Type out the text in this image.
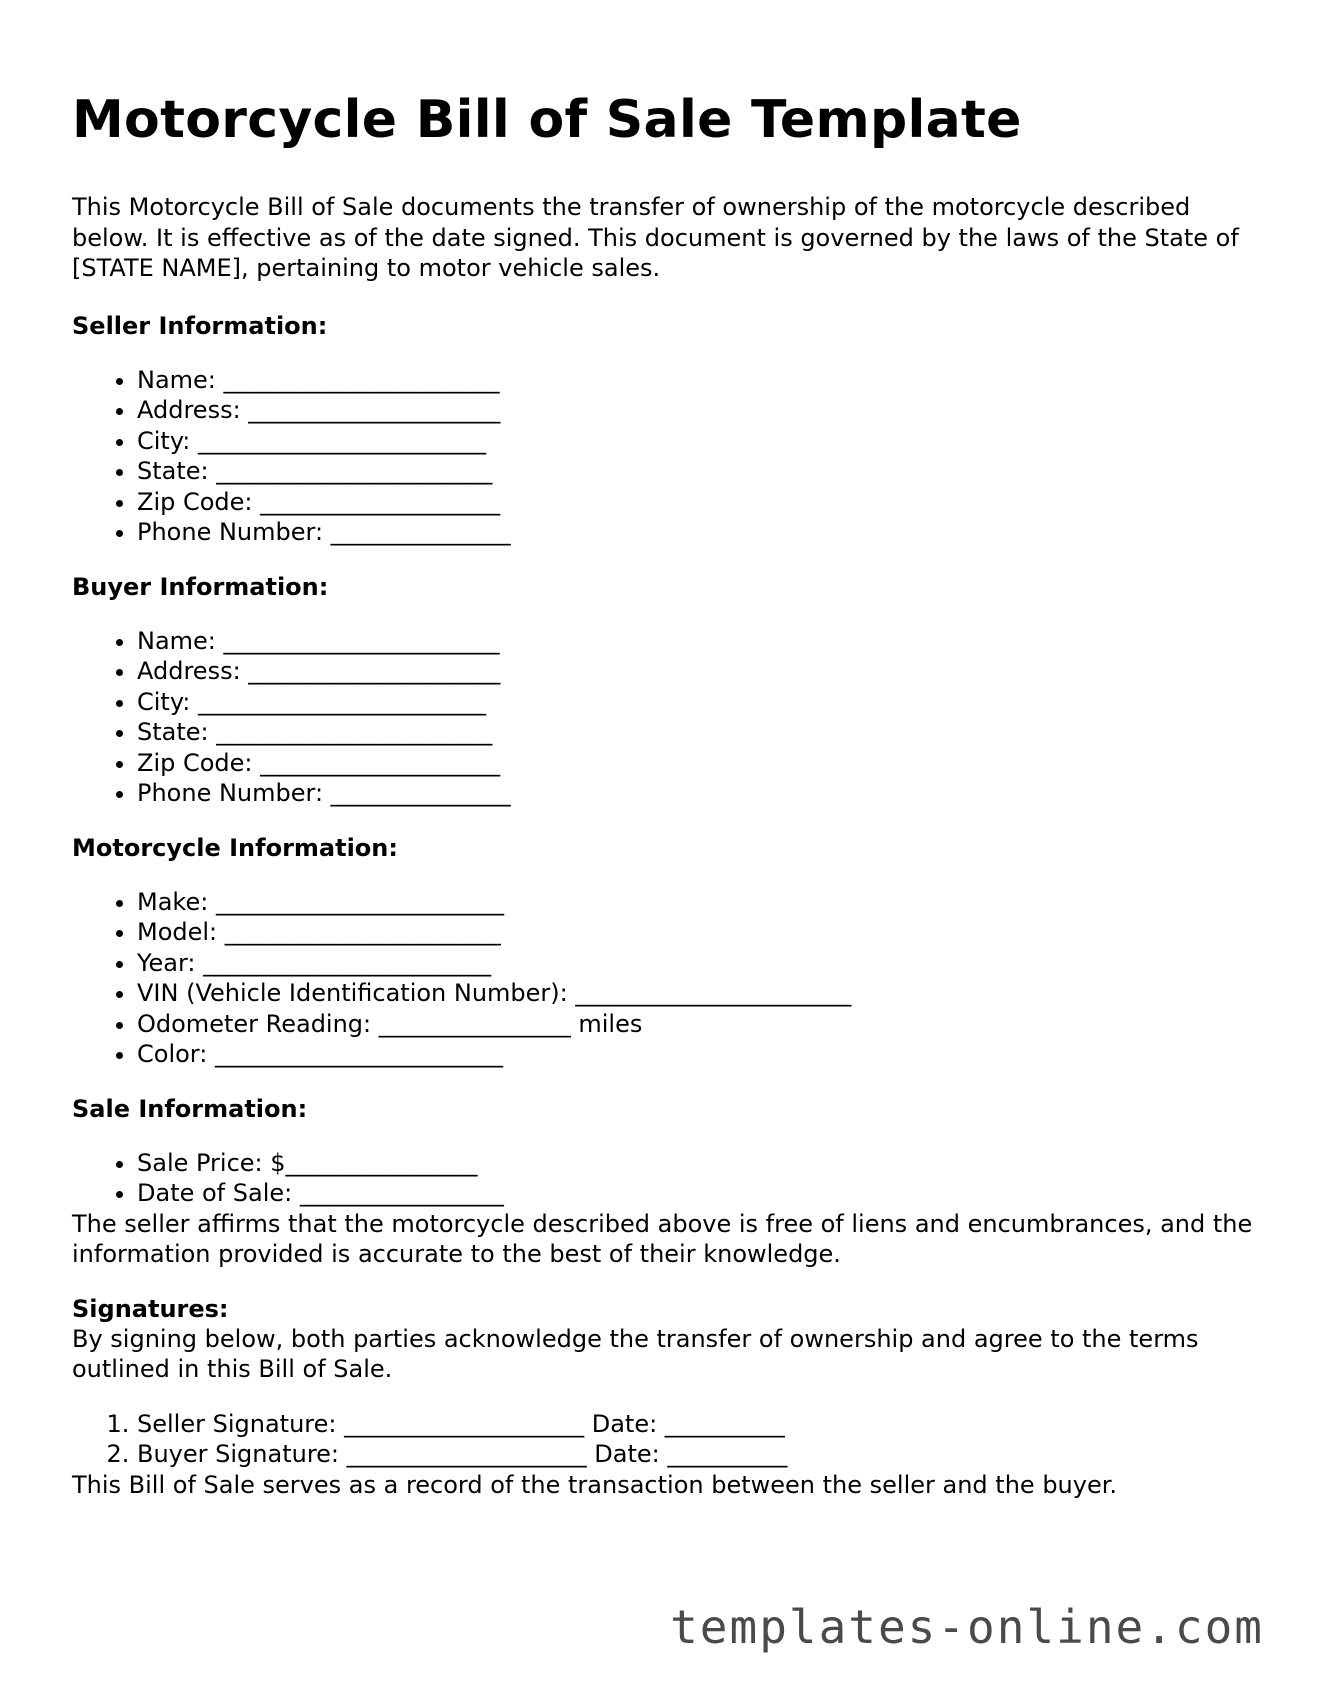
Motorcycle Bill of Sale Template

This Motorcycle Bill of Sale documents the transfer of ownership of the motorcycle described below. It is effective as of the date signed. This document is governed by the laws of the State of [STATE NAME], pertaining to motor vehicle sales.

Seller Information:
• Name: _______________________
• Address: _____________________
• City: ________________________
• State: _______________________
• Zip Code: ____________________
• Phone Number: _______________
Buyer Information:
• Name: _______________________
• Address: _____________________
• City: ________________________
• State: _______________________
• Zip Code: ____________________
• Phone Number: _______________
Motorcycle Information:
• Make: ________________________
• Model: _______________________
• Year: ________________________
• VIN (Vehicle Identification Number): _______________________
• Odometer Reading: ________________ miles
• Color: ________________________
Sale Information:
• Sale Price: $________________
• Date of Sale: _________________

The seller affirms that the motorcycle described above is free of liens and encumbrances, and the information provided is accurate to the best of their knowledge.

Signatures:

By signing below, both parties acknowledge the transfer of ownership and agree to the terms outlined in this Bill of Sale.

1. Seller Signature: ____________________ Date: __________
2. Buyer Signature: ____________________ Date: __________

This Bill of Sale serves as a record of the transaction between the seller and the buyer.

templates-online.com
